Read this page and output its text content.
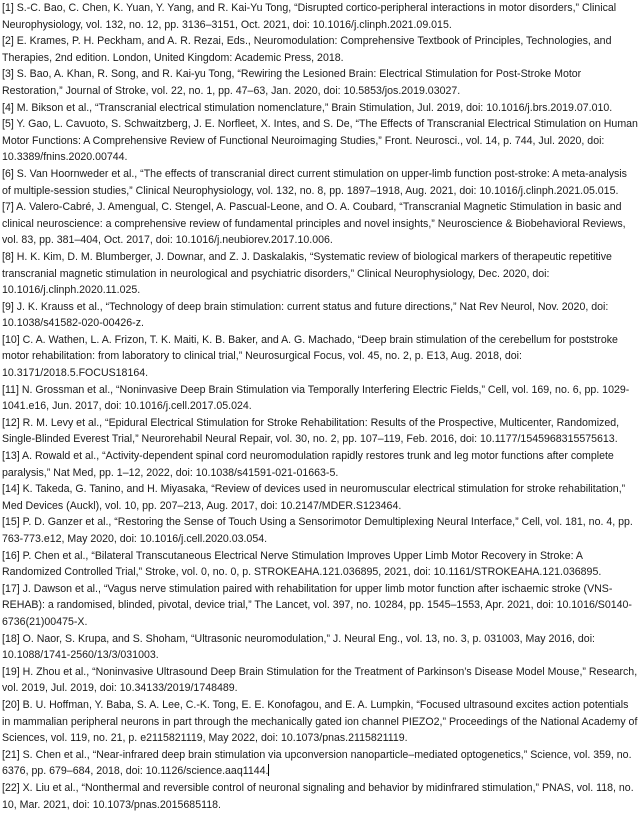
[1] S.-C. Bao, C. Chen, K. Yuan, Y. Yang, and R. Kai-Yu Tong, “Disrupted cortico-peripheral interactions in motor disorders,” Clinical Neurophysiology, vol. 132, no. 12, pp. 3136–3151, Oct. 2021, doi: 10.1016/j.clinph.2021.09.015.

[2] E. Krames, P. H. Peckham, and A. R. Rezai, Eds., Neuromodulation: Comprehensive Textbook of Principles, Technologies, and Therapies, 2nd edition. London, United Kingdom: Academic Press, 2018.

[3] S. Bao, A. Khan, R. Song, and R. Kai-yu Tong, “Rewiring the Lesioned Brain: Electrical Stimulation for Post-Stroke Motor Restoration,” Journal of Stroke, vol. 22, no. 1, pp. 47–63, Jan. 2020, doi: 10.5853/jos.2019.03027.

[4] M. Bikson et al., “Transcranial electrical stimulation nomenclature,” Brain Stimulation, Jul. 2019, doi: 10.1016/j.brs.2019.07.010.

[5] Y. Gao, L. Cavuoto, S. Schwaitzberg, J. E. Norfleet, X. Intes, and S. De, “The Effects of Transcranial Electrical Stimulation on Human Motor Functions: A Comprehensive Review of Functional Neuroimaging Studies,” Front. Neurosci., vol. 14, p. 744, Jul. 2020, doi: 10.3389/fnins.2020.00744.

[6] S. Van Hoornweder et al., “The effects of transcranial direct current stimulation on upper-limb function post-stroke: A meta-analysis of multiple-session studies,” Clinical Neurophysiology, vol. 132, no. 8, pp. 1897–1918, Aug. 2021, doi: 10.1016/j.clinph.2021.05.015.

[7] A. Valero-Cabré, J. Amengual, C. Stengel, A. Pascual-Leone, and O. A. Coubard, “Transcranial Magnetic Stimulation in basic and clinical neuroscience: a comprehensive review of fundamental principles and novel insights,” Neuroscience & Biobehavioral Reviews, vol. 83, pp. 381–404, Oct. 2017, doi: 10.1016/j.neubiorev.2017.10.006.

[8] H. K. Kim, D. M. Blumberger, J. Downar, and Z. J. Daskalakis, “Systematic review of biological markers of therapeutic repetitive transcranial magnetic stimulation in neurological and psychiatric disorders,” Clinical Neurophysiology, Dec. 2020, doi: 10.1016/j.clinph.2020.11.025.

[9] J. K. Krauss et al., “Technology of deep brain stimulation: current status and future directions,” Nat Rev Neurol, Nov. 2020, doi: 10.1038/s41582-020-00426-z.

[10] C. A. Wathen, L. A. Frizon, T. K. Maiti, K. B. Baker, and A. G. Machado, “Deep brain stimulation of the cerebellum for poststroke motor rehabilitation: from laboratory to clinical trial,” Neurosurgical Focus, vol. 45, no. 2, p. E13, Aug. 2018, doi: 10.3171/2018.5.FOCUS18164.

[11] N. Grossman et al., “Noninvasive Deep Brain Stimulation via Temporally Interfering Electric Fields,” Cell, vol. 169, no. 6, pp. 1029-1041.e16, Jun. 2017, doi: 10.1016/j.cell.2017.05.024.

[12] R. M. Levy et al., “Epidural Electrical Stimulation for Stroke Rehabilitation: Results of the Prospective, Multicenter, Randomized, Single-Blinded Everest Trial,” Neurorehabil Neural Repair, vol. 30, no. 2, pp. 107–119, Feb. 2016, doi: 10.1177/1545968315575613.

[13] A. Rowald et al., “Activity-dependent spinal cord neuromodulation rapidly restores trunk and leg motor functions after complete paralysis,” Nat Med, pp. 1–12, 2022, doi: 10.1038/s41591-021-01663-5.

[14] K. Takeda, G. Tanino, and H. Miyasaka, “Review of devices used in neuromuscular electrical stimulation for stroke rehabilitation,” Med Devices (Auckl), vol. 10, pp. 207–213, Aug. 2017, doi: 10.2147/MDER.S123464.

[15] P. D. Ganzer et al., “Restoring the Sense of Touch Using a Sensorimotor Demultiplexing Neural Interface,” Cell, vol. 181, no. 4, pp. 763-773.e12, May 2020, doi: 10.1016/j.cell.2020.03.054.

[16] P. Chen et al., “Bilateral Transcutaneous Electrical Nerve Stimulation Improves Upper Limb Motor Recovery in Stroke: A Randomized Controlled Trial,” Stroke, vol. 0, no. 0, p. STROKEAHA.121.036895, 2021, doi: 10.1161/STROKEAHA.121.036895.

[17] J. Dawson et al., “Vagus nerve stimulation paired with rehabilitation for upper limb motor function after ischaemic stroke (VNS-REHAB): a randomised, blinded, pivotal, device trial,” The Lancet, vol. 397, no. 10284, pp. 1545–1553, Apr. 2021, doi: 10.1016/S0140-6736(21)00475-X.

[18] O. Naor, S. Krupa, and S. Shoham, “Ultrasonic neuromodulation,” J. Neural Eng., vol. 13, no. 3, p. 031003, May 2016, doi: 10.1088/1741-2560/13/3/031003.

[19] H. Zhou et al., “Noninvasive Ultrasound Deep Brain Stimulation for the Treatment of Parkinson’s Disease Model Mouse,” Research, vol. 2019, Jul. 2019, doi: 10.34133/2019/1748489.

[20] B. U. Hoffman, Y. Baba, S. A. Lee, C.-K. Tong, E. E. Konofagou, and E. A. Lumpkin, “Focused ultrasound excites action potentials in mammalian peripheral neurons in part through the mechanically gated ion channel PIEZO2,” Proceedings of the National Academy of Sciences, vol. 119, no. 21, p. e2115821119, May 2022, doi: 10.1073/pnas.2115821119.

[21] S. Chen et al., “Near-infrared deep brain stimulation via upconversion nanoparticle–mediated optogenetics,” Science, vol. 359, no. 6376, pp. 679–684, 2018, doi: 10.1126/science.aaq1144.

[22] X. Liu et al., “Nonthermal and reversible control of neuronal signaling and behavior by midinfrared stimulation,” PNAS, vol. 118, no. 10, Mar. 2021, doi: 10.1073/pnas.2015685118.
